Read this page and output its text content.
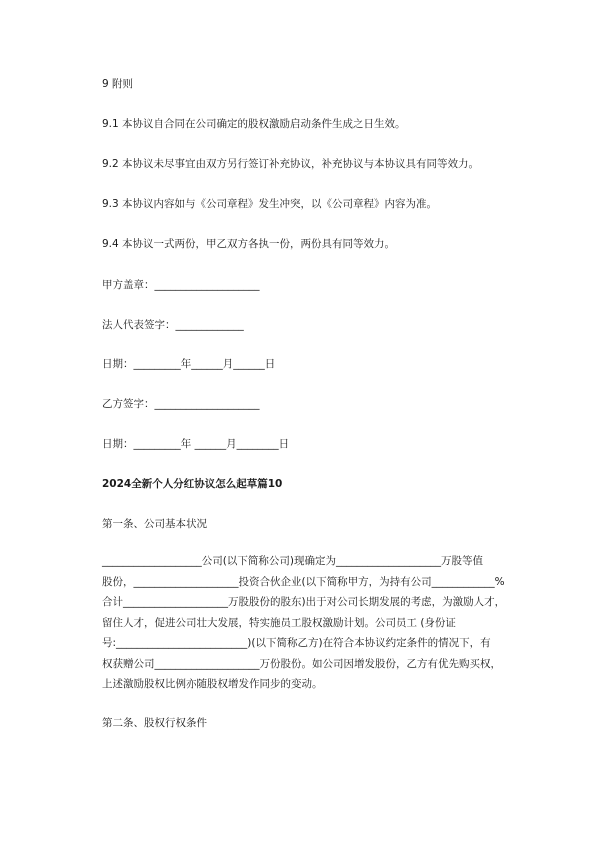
9 附则

9.1 本协议自合同在公司确定的股权激励启动条件生成之日生效。

9.2 本协议未尽事宜由双方另行签订补充协议，补充协议与本协议具有同等效力。

9.3 本协议内容如与《公司章程》发生冲突，以《公司章程》内容为准。

9.4 本协议一式两份，甲乙双方各执一份，两份具有同等效力。

甲方盖章：____________________

法人代表签字：_____________

日期：_________年______月______日

乙方签字：____________________

日期：_________年 ______月________日

2024全新个人分红协议怎么起草篇10

第一条、公司基本状况

___________________公司(以下简称公司)现确定为____________________万股等值
股份，____________________投资合伙企业(以下简称甲方，为持有公司____________%
合计____________________万股股份的股东)出于对公司长期发展的考虑，为激励人才，
留住人才，促进公司壮大发展，特实施员工股权激励计划。公司员工 (身份证
号:_________________________)(以下简称乙方)在符合本协议约定条件的情况下，有
权获赠公司____________________万份股份。如公司因增发股份，乙方有优先购买权，
上述激励股权比例亦随股权增发作同步的变动。

第二条、股权行权条件
